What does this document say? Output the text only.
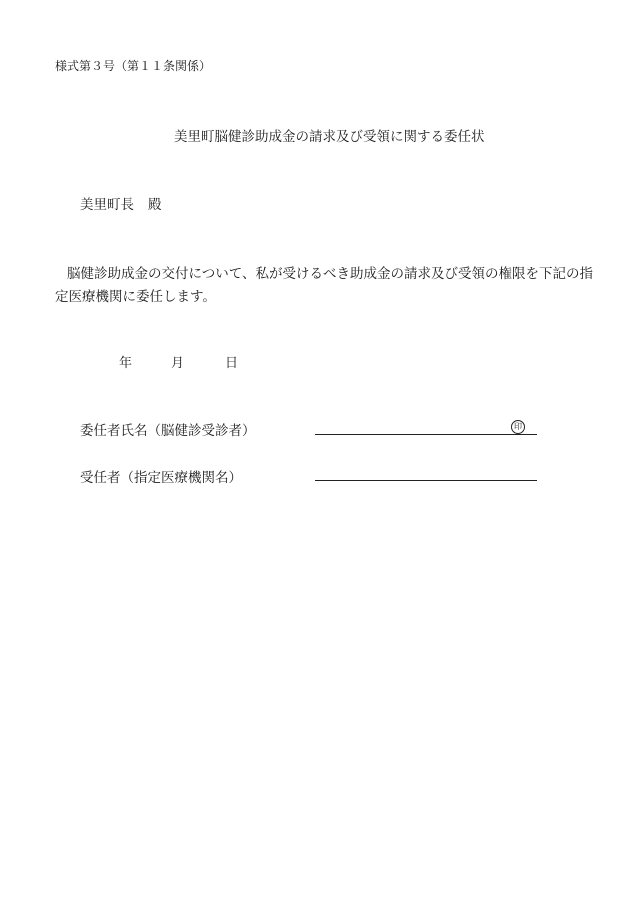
様式第３号（第１１条関係）
美里町脳健診助成金の請求及び受領に関する委任状
美里町長 殿
脳健診助成金の交付について、私が受けるべき助成金の請求及び受領の権限を下記の指
定医療機関に委任します。
年	月	日
委任者氏名（脳健診受診者）	印
受任者（指定医療機関名）
